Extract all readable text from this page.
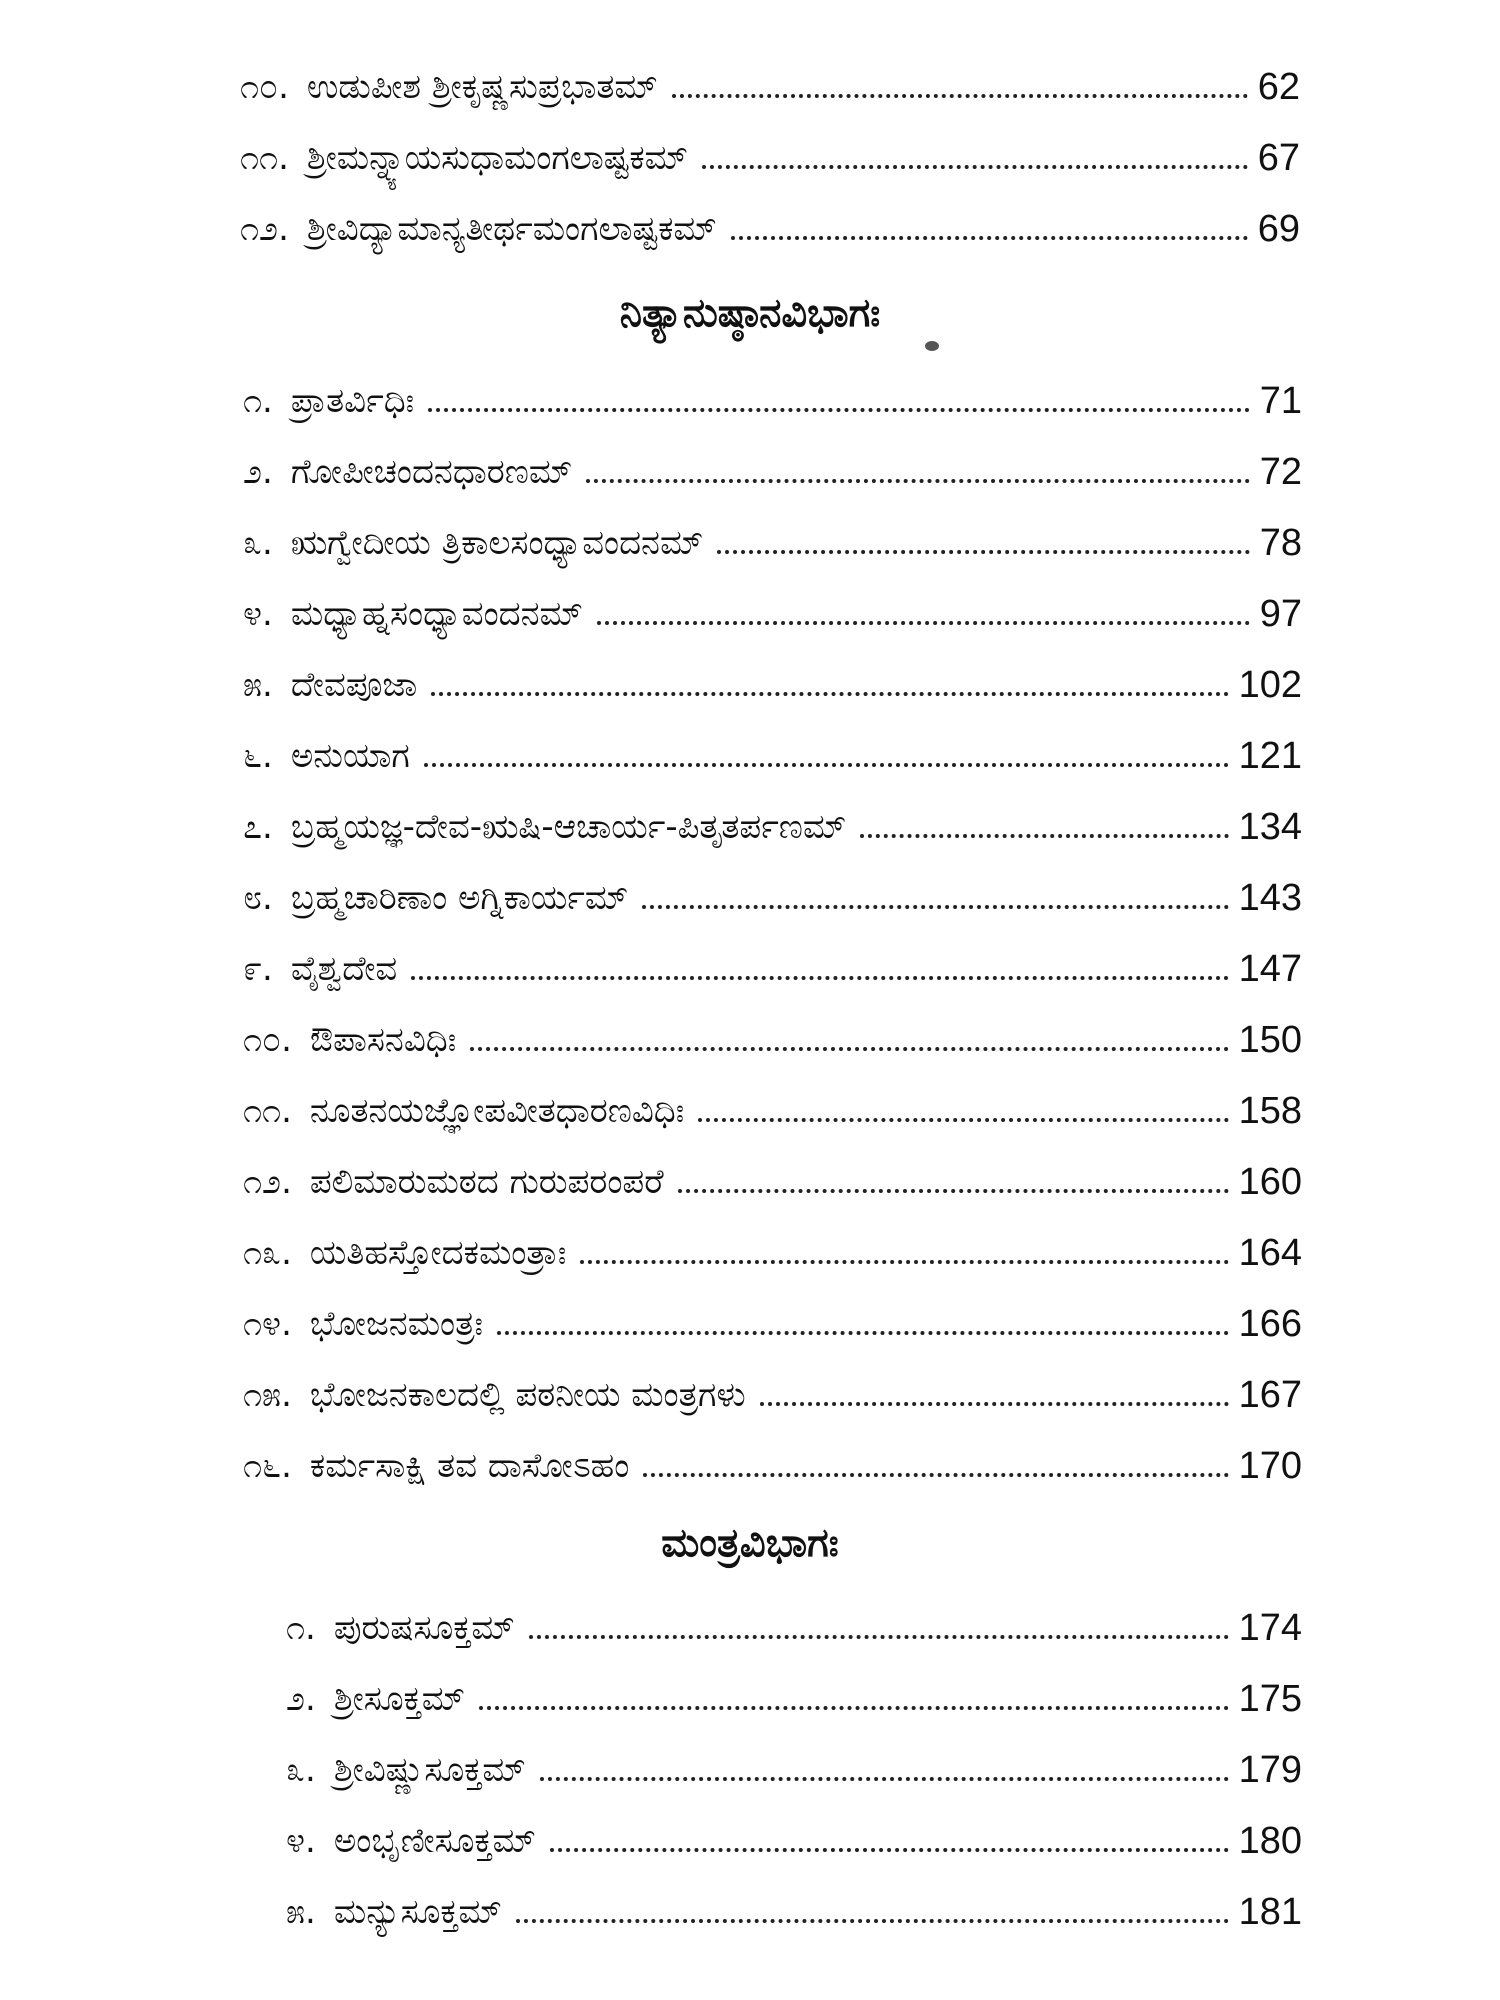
೧೦. ಉಡುಪೀಶ ಶ್ರೀಕೃಷ್ಣಸುಪ್ರಭಾತಮ್	62
೧೧. ಶ್ರೀಮನ್ನ್ಯಾಯಸುಧಾಮಂಗಲಾಷ್ಟಕಮ್	67
೧೨. ಶ್ರೀವಿದ್ಯಾಮಾನ್ಯತೀರ್ಥಮಂಗಲಾಷ್ಟಕಮ್	69
ನಿತ್ಯಾನುಷ್ಠಾನವಿಭಾಗಃ
೧. ಪ್ರಾತರ್ವಿಧಿಃ	71
೨. ಗೋಪೀಚಂದನಧಾರಣಮ್	72
೩. ಋಗ್ವೇದೀಯ ತ್ರಿಕಾಲಸಂಧ್ಯಾವಂದನಮ್	78
೪. ಮಧ್ಯಾಹ್ನಸಂಧ್ಯಾವಂದನಮ್	97
೫. ದೇವಪೂಜಾ	102
೬. ಅನುಯಾಗ	121
೭. ಬ್ರಹ್ಮಯಜ್ಞ-ದೇವ-ಋಷಿ-ಆಚಾರ್ಯ-ಪಿತೃತರ್ಪಣಮ್	134
೮. ಬ್ರಹ್ಮಚಾರಿಣಾಂ ಅಗ್ನಿಕಾರ್ಯಮ್	143
೯. ವೈಶ್ವದೇವ	147
೧೦. ಔಪಾಸನವಿಧಿಃ	150
೧೧. ನೂತನಯಜ್ಞೋಪವೀತಧಾರಣವಿಧಿಃ	158
೧೨. ಪಲಿಮಾರುಮಠದ ಗುರುಪರಂಪರೆ	160
೧೩. ಯತಿಹಸ್ತೋದಕಮಂತ್ರಾಃ	164
೧೪. ಭೋಜನಮಂತ್ರಃ	166
೧೫. ಭೋಜನಕಾಲದಲ್ಲಿ ಪಠನೀಯ ಮಂತ್ರಗಳು	167
೧೬. ಕರ್ಮಸಾಕ್ಷಿ ತವ ದಾಸೋಽಹಂ	170
ಮಂತ್ರವಿಭಾಗಃ
೧. ಪುರುಷಸೂಕ್ತಮ್	174
೨. ಶ್ರೀಸೂಕ್ತಮ್	175
೩. ಶ್ರೀವಿಷ್ಣುಸೂಕ್ತಮ್	179
೪. ಅಂಭೃಣೀಸೂಕ್ತಮ್	180
೫. ಮನ್ಯುಸೂಕ್ತಮ್	181
